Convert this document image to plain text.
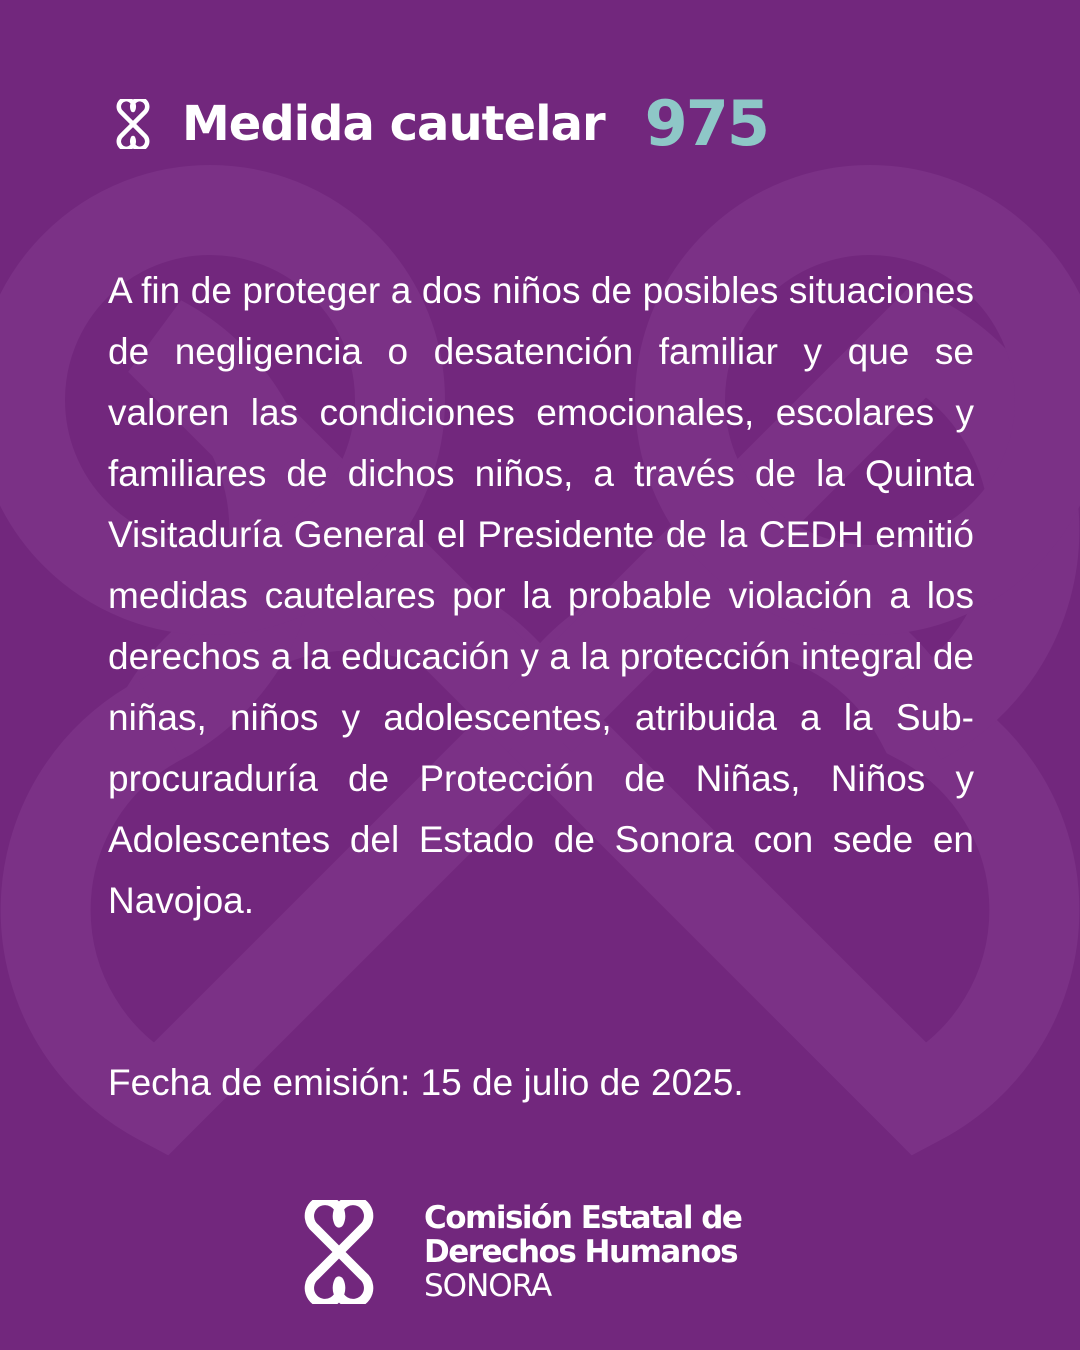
Medida cautelar 975
A fin de proteger a dos niños de posibles situaciones de negligencia o desatención familiar y que se valoren las condiciones emocionales, escolares y familiares de dichos niños, a través de la Quinta Visitaduría General el Presidente de la CEDH emitió medidas cautelares por la probable violación a los derechos a la educación y a la protección integral de niñas, niños y adolescentes, atribuida a la Subprocuraduría de Protección de Niñas, Niños y Adolescentes del Estado de Sonora con sede en Navojoa.
Fecha de emisión: 15 de julio de 2025.
Comisión Estatal de
Derechos Humanos
SONORA
